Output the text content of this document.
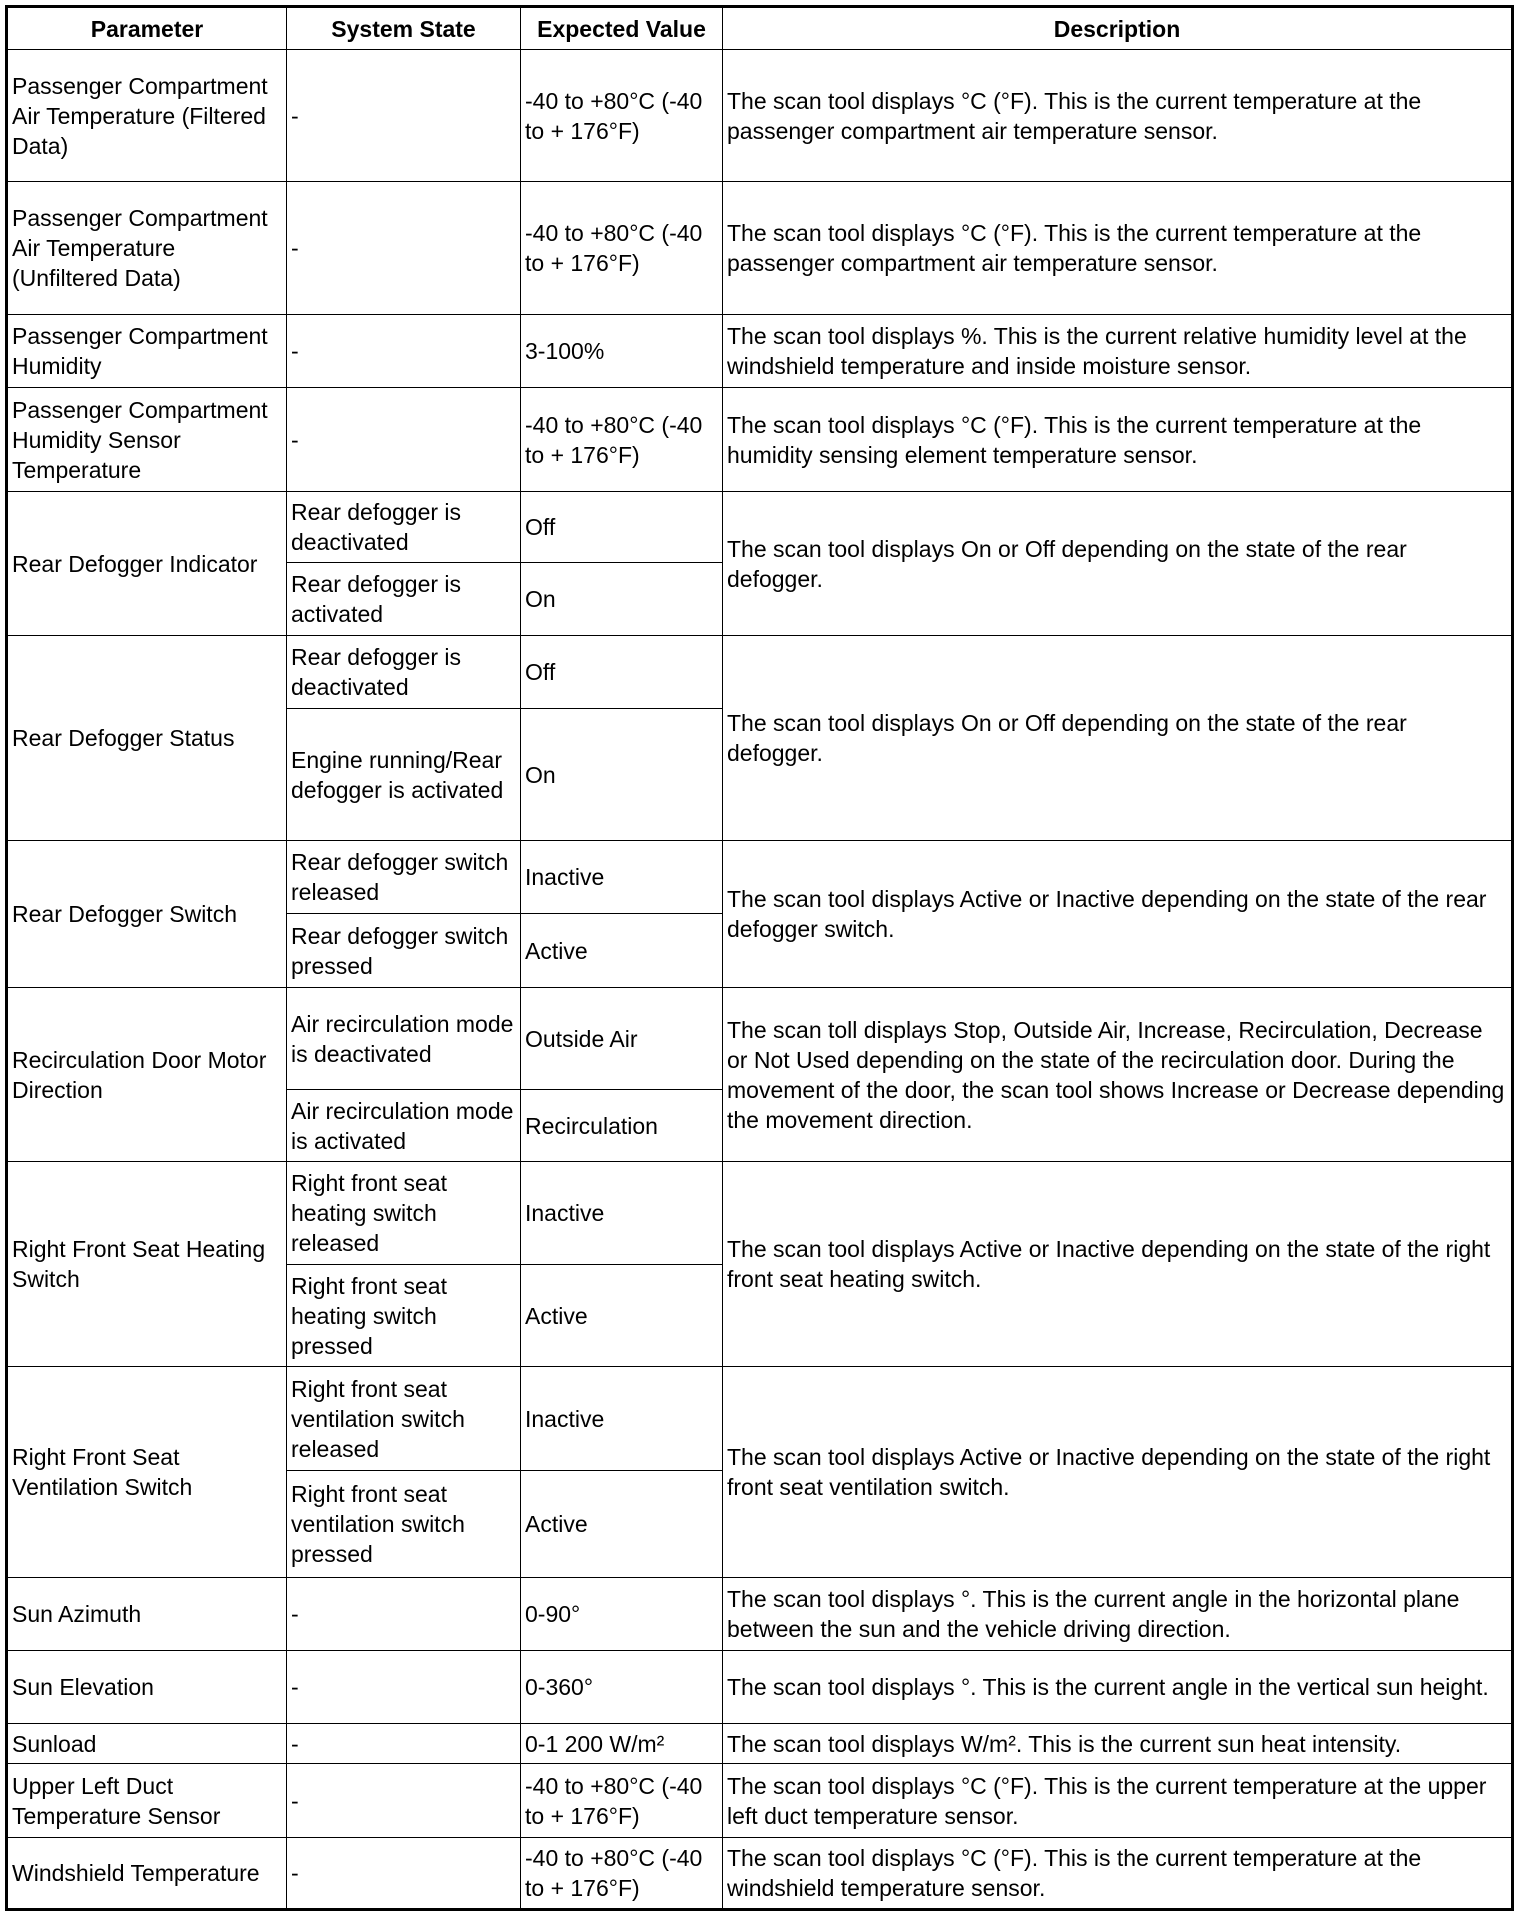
Parameter	System State	Expected Value	Description
Passenger Compartment Air Temperature (Filtered Data)	-	-40 to +80°C (-40 to + 176°F)	The scan tool displays °C (°F). This is the current temperature at the passenger compartment air temperature sensor.
Passenger Compartment Air Temperature (Unfiltered Data)	-	-40 to +80°C (-40 to + 176°F)	The scan tool displays °C (°F). This is the current temperature at the passenger compartment air temperature sensor.
Passenger Compartment Humidity	-	3-100%	The scan tool displays %. This is the current relative humidity level at the windshield temperature and inside moisture sensor.
Passenger Compartment Humidity Sensor Temperature	-	-40 to +80°C (-40 to + 176°F)	The scan tool displays °C (°F). This is the current temperature at the humidity sensing element temperature sensor.
Rear Defogger Indicator	Rear defogger is deactivated	Off	The scan tool displays On or Off depending on the state of the rear defogger.
	Rear defogger is activated	On	
Rear Defogger Status	Rear defogger is deactivated	Off	The scan tool displays On or Off depending on the state of the rear defogger.
	Engine running/Rear defogger is activated	On	
Rear Defogger Switch	Rear defogger switch released	Inactive	The scan tool displays Active or Inactive depending on the state of the rear defogger switch.
	Rear defogger switch pressed	Active	
Recirculation Door Motor Direction	Air recirculation mode is deactivated	Outside Air	The scan toll displays Stop, Outside Air, Increase, Recirculation, Decrease or Not Used depending on the state of the recirculation door. During the movement of the door, the scan tool shows Increase or Decrease depending the movement direction.
	Air recirculation mode is activated	Recirculation	
Right Front Seat Heating Switch	Right front seat heating switch released	Inactive	The scan tool displays Active or Inactive depending on the state of the right front seat heating switch.
	Right front seat heating switch pressed	Active	
Right Front Seat Ventilation Switch	Right front seat ventilation switch released	Inactive	The scan tool displays Active or Inactive depending on the state of the right front seat ventilation switch.
	Right front seat ventilation switch pressed	Active	
Sun Azimuth	-	0-90°	The scan tool displays °. This is the current angle in the horizontal plane between the sun and the vehicle driving direction.
Sun Elevation	-	0-360°	The scan tool displays °. This is the current angle in the vertical sun height.
Sunload	-	0-1 200 W/m²	The scan tool displays W/m². This is the current sun heat intensity.
Upper Left Duct Temperature Sensor	-	-40 to +80°C (-40 to + 176°F)	The scan tool displays °C (°F). This is the current temperature at the upper left duct temperature sensor.
Windshield Temperature	-	-40 to +80°C (-40 to + 176°F)	The scan tool displays °C (°F). This is the current temperature at the windshield temperature sensor.
